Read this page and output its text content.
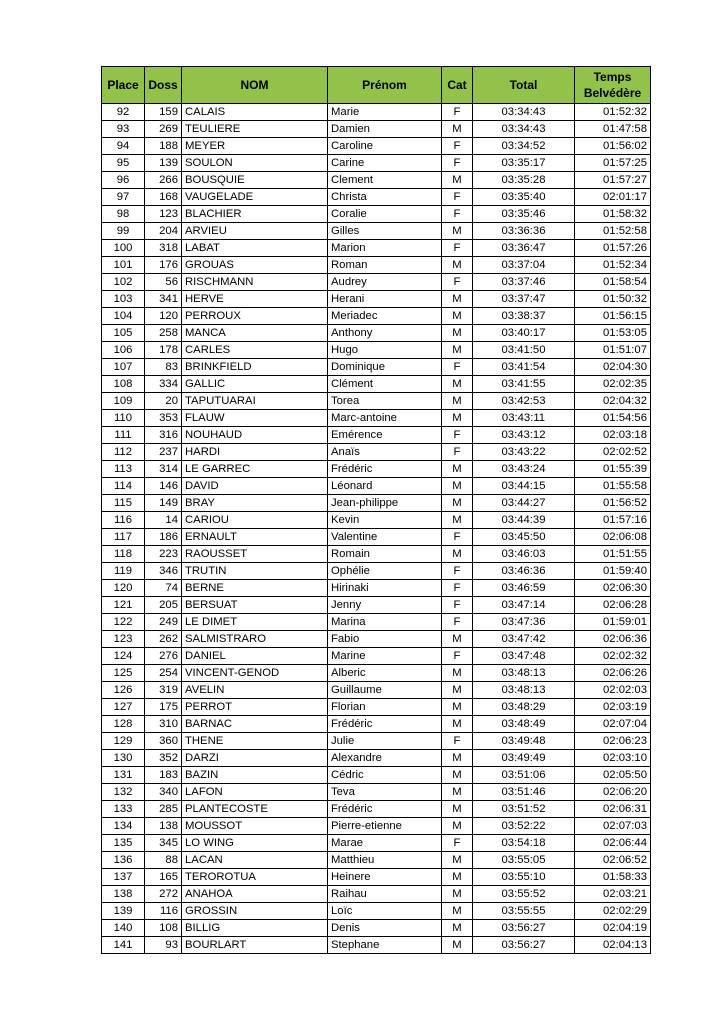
Place	Doss	NOM	Prénom	Cat	Total	Temps
Belvédère
92	159	CALAIS	Marie	F	03:34:43	01:52:32
93	269	TEULIERE	Damien	M	03:34:43	01:47:58
94	188	MEYER	Caroline	F	03:34:52	01:56:02
95	139	SOULON	Carine	F	03:35:17	01:57:25
96	266	BOUSQUIE	Clement	M	03:35:28	01:57:27
97	168	VAUGELADE	Christa	F	03:35:40	02:01:17
98	123	BLACHIER	Coralie	F	03:35:46	01:58:32
99	204	ARVIEU	Gilles	M	03:36:36	01:52:58
100	318	LABAT	Marion	F	03:36:47	01:57:26
101	176	GROUAS	Roman	M	03:37:04	01:52:34
102	56	RISCHMANN	Audrey	F	03:37:46	01:58:54
103	341	HERVE	Herani	M	03:37:47	01:50:32
104	120	PERROUX	Meriadec	M	03:38:37	01:56:15
105	258	MANCA	Anthony	M	03:40:17	01:53:05
106	178	CARLES	Hugo	M	03:41:50	01:51:07
107	83	BRINKFIELD	Dominique	F	03:41:54	02:04:30
108	334	GALLIC	Clément	M	03:41:55	02:02:35
109	20	TAPUTUARAI	Torea	M	03:42:53	02:04:32
110	353	FLAUW	Marc-antoine	M	03:43:11	01:54:56
111	316	NOUHAUD	Emérence	F	03:43:12	02:03:18
112	237	HARDI	Anaïs	F	03:43:22	02:02:52
113	314	LE GARREC	Frédéric	M	03:43:24	01:55:39
114	146	DAVID	Léonard	M	03:44:15	01:55:58
115	149	BRAY	Jean-philippe	M	03:44:27	01:56:52
116	14	CARIOU	Kevin	M	03:44:39	01:57:16
117	186	ERNAULT	Valentine	F	03:45:50	02:06:08
118	223	RAOUSSET	Romain	M	03:46:03	01:51:55
119	346	TRUTIN	Ophélie	F	03:46:36	01:59:40
120	74	BERNE	Hirinaki	F	03:46:59	02:06:30
121	205	BERSUAT	Jenny	F	03:47:14	02:06:28
122	249	LE DIMET	Marina	F	03:47:36	01:59:01
123	262	SALMISTRARO	Fabio	M	03:47:42	02:06:36
124	276	DANIEL	Marine	F	03:47:48	02:02:32
125	254	VINCENT-GENOD	Alberic	M	03:48:13	02:06:26
126	319	AVELIN	Guillaume	M	03:48:13	02:02:03
127	175	PERROT	Florian	M	03:48:29	02:03:19
128	310	BARNAC	Frédéric	M	03:48:49	02:07:04
129	360	THENE	Julie	F	03:49:48	02:06:23
130	352	DARZI	Alexandre	M	03:49:49	02:03:10
131	183	BAZIN	Cédric	M	03:51:06	02:05:50
132	340	LAFON	Teva	M	03:51:46	02:06:20
133	285	PLANTECOSTE	Frédéric	M	03:51:52	02:06:31
134	138	MOUSSOT	Pierre-etienne	M	03:52:22	02:07:03
135	345	LO WING	Marae	F	03:54:18	02:06:44
136	88	LACAN	Matthieu	M	03:55:05	02:06:52
137	165	TEROROTUA	Heinere	M	03:55:10	01:58:33
138	272	ANAHOA	Raihau	M	03:55:52	02:03:21
139	116	GROSSIN	Loïc	M	03:55:55	02:02:29
140	108	BILLIG	Denis	M	03:56:27	02:04:19
141	93	BOURLART	Stephane	M	03:56:27	02:04:13
